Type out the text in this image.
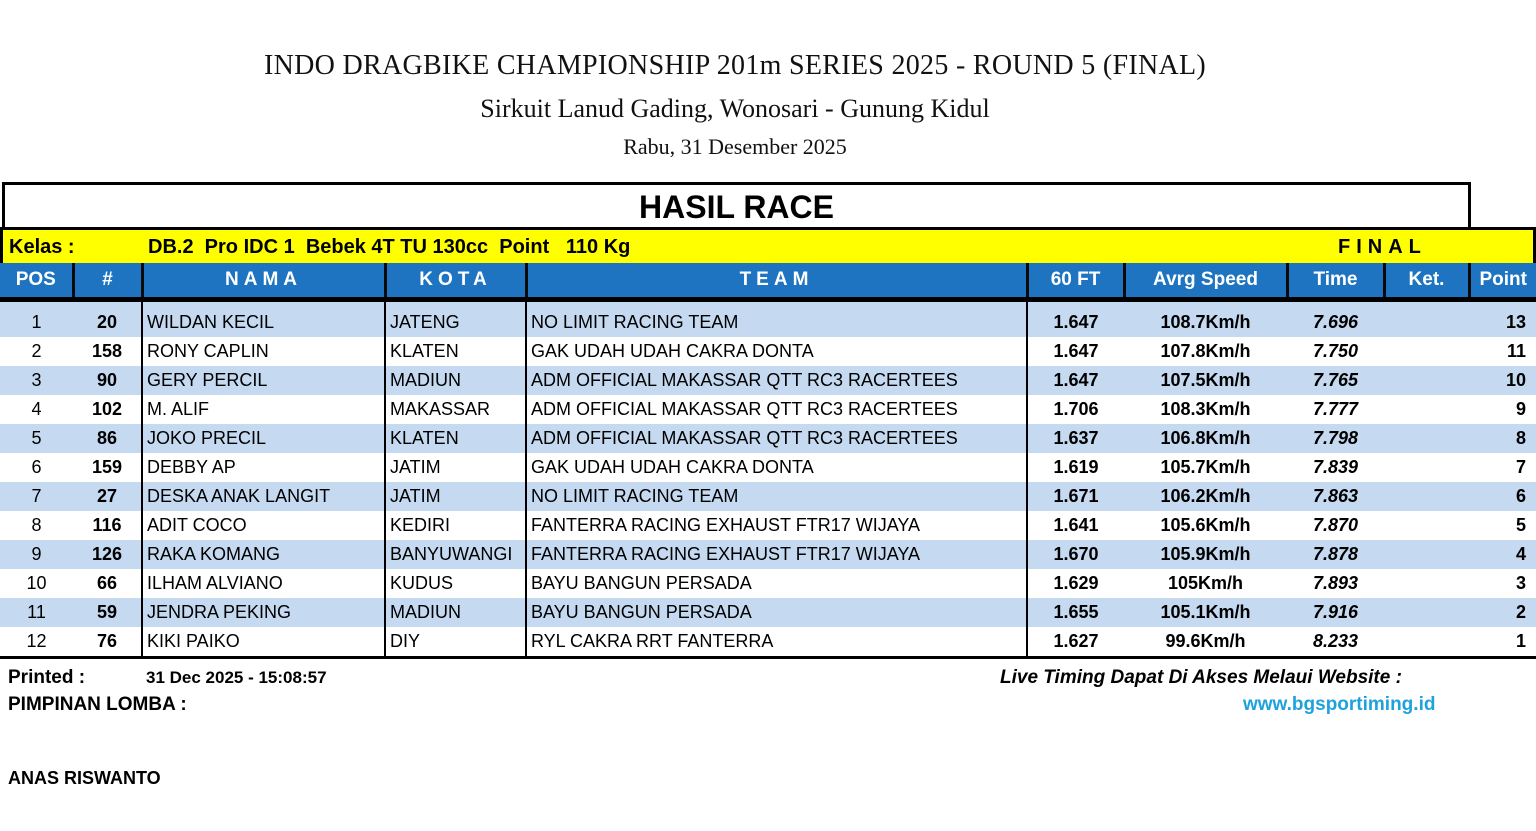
INDO DRAGBIKE CHAMPIONSHIP 201m SERIES 2025 - ROUND 5 (FINAL)
Sirkuit Lanud Gading, Wonosari - Gunung Kidul
Rabu, 31 Desember 2025
HASIL RACE
Kelas :	DB.2  Pro IDC 1  Bebek 4T TU 130cc  Point   110 Kg	FINAL
POS	#	NAMA	KOTA	TEAM	60 FT	Avrg Speed	Time	Ket.	Point
1	20	WILDAN KECIL	JATENG	NO LIMIT RACING TEAM	1.647	108.7Km/h	7.696		13
2	158	RONY CAPLIN	KLATEN	GAK UDAH UDAH CAKRA DONTA	1.647	107.8Km/h	7.750		11
3	90	GERY PERCIL	MADIUN	ADM OFFICIAL MAKASSAR QTT RC3 RACERTEES	1.647	107.5Km/h	7.765		10
4	102	M. ALIF	MAKASSAR	ADM OFFICIAL MAKASSAR QTT RC3 RACERTEES	1.706	108.3Km/h	7.777		9
5	86	JOKO PRECIL	KLATEN	ADM OFFICIAL MAKASSAR QTT RC3 RACERTEES	1.637	106.8Km/h	7.798		8
6	159	DEBBY AP	JATIM	GAK UDAH UDAH CAKRA DONTA	1.619	105.7Km/h	7.839		7
7	27	DESKA ANAK LANGIT	JATIM	NO LIMIT RACING TEAM	1.671	106.2Km/h	7.863		6
8	116	ADIT COCO	KEDIRI	FANTERRA RACING EXHAUST FTR17 WIJAYA	1.641	105.6Km/h	7.870		5
9	126	RAKA KOMANG	BANYUWANGI	FANTERRA RACING EXHAUST FTR17 WIJAYA	1.670	105.9Km/h	7.878		4
10	66	ILHAM ALVIANO	KUDUS	BAYU BANGUN PERSADA	1.629	105Km/h	7.893		3
11	59	JENDRA PEKING	MADIUN	BAYU BANGUN PERSADA	1.655	105.1Km/h	7.916		2
12	76	KIKI PAIKO	DIY	RYL CAKRA RRT FANTERRA	1.627	99.6Km/h	8.233		1
Printed :	31 Dec 2025 - 15:08:57	Live Timing Dapat Di Akses Melaui Website :
PIMPINAN LOMBA :	www.bgsportiming.id
ANAS RISWANTO
